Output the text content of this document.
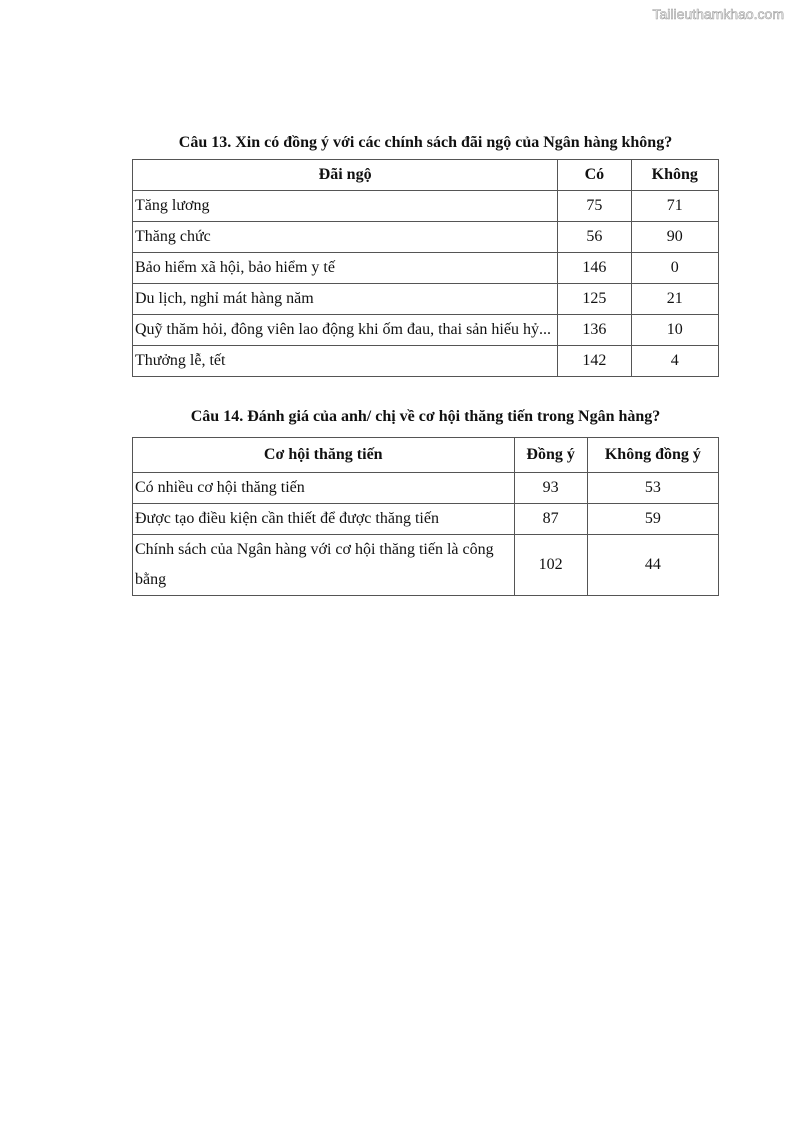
Tailieuthamkhao.com
Câu 13. Xin có đồng ý với các chính sách đãi ngộ của Ngân hàng không?
Đãi ngộ	Có	Không
Tăng lương	75	71
Thăng chức	56	90
Bảo hiểm xã hội, bảo hiểm y tế	146	0
Du lịch, nghỉ mát hàng năm	125	21
Quỹ thăm hỏi, đông viên lao động khi ốm đau, thai sản hiếu hỷ...	136	10
Thưởng lễ, tết	142	4
Câu 14. Đánh giá của anh/ chị về cơ hội thăng tiến trong Ngân hàng?
Cơ hội thăng tiến	Đồng ý	Không đồng ý
Có nhiều cơ hội thăng tiến	93	53
Được tạo điều kiện cần thiết để được thăng tiến	87	59
Chính sách của Ngân hàng với cơ hội thăng tiến là công bằng	102	44
